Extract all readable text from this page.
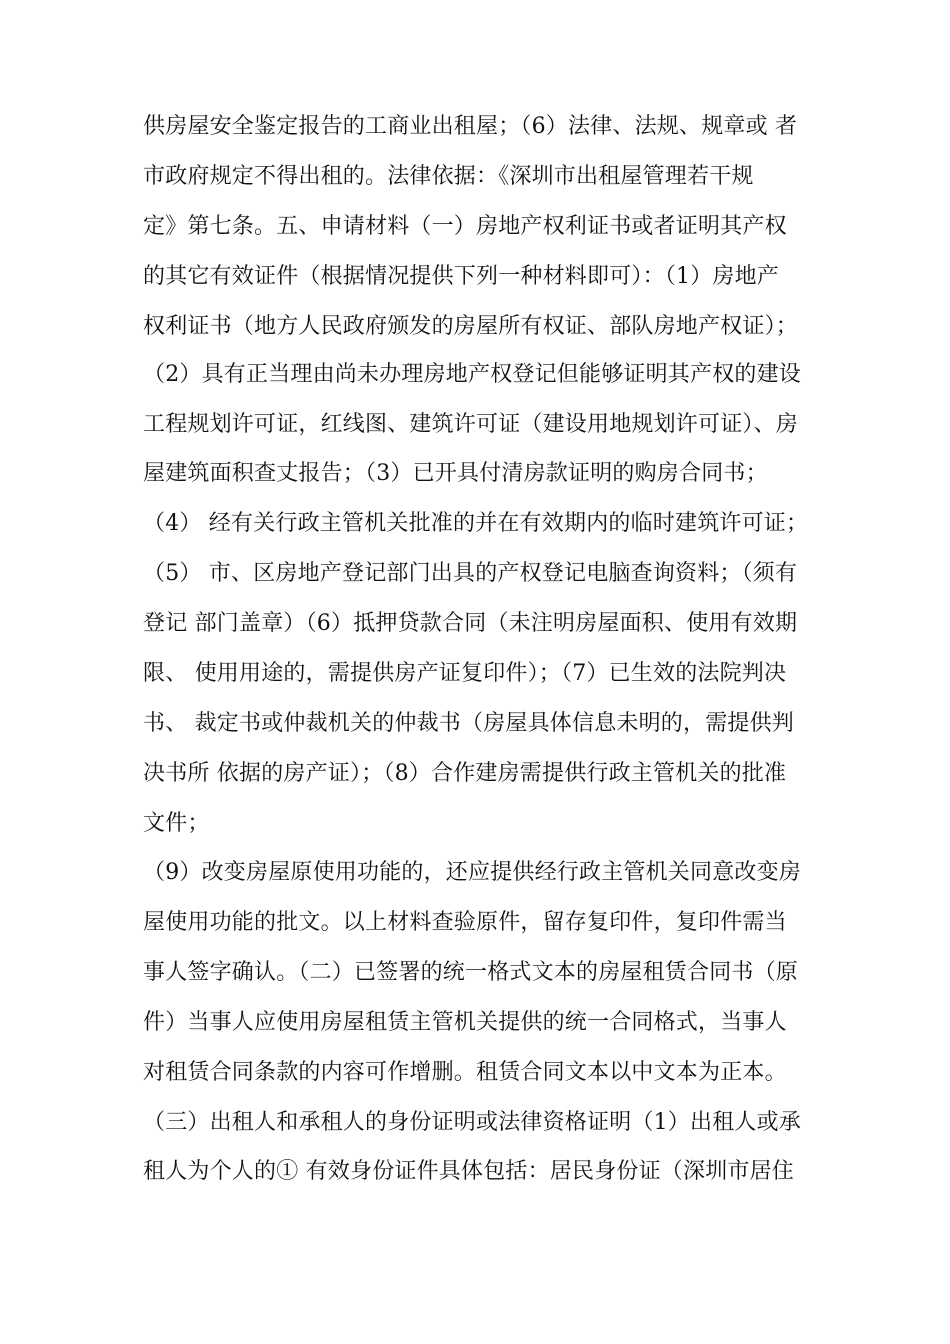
供房屋安全鉴定报告的工商业出租屋；（6）法律、法规、规章或 者
市政府规定不得出租的。法律依据：《深圳市出租屋管理若干规
定》第七条。五、申请材料（一）房地产权利证书或者证明其产权
的其它有效证件（根据情况提供下列一种材料即可）：（1）房地产
权利证书（地方人民政府颁发的房屋所有权证、部队房地产权证）；
（2）具有正当理由尚未办理房地产权登记但能够证明其产权的建设
工程规划许可证，红线图、建筑许可证（建设用地规划许可证）、房
屋建筑面积查丈报告；（3）已开具付清房款证明的购房合同书；
（4） 经有关行政主管机关批准的并在有效期内的临时建筑许可证；
（5） 市、区房地产登记部门出具的产权登记电脑查询资料；（须有
登记 部门盖章）（6）抵押贷款合同（未注明房屋面积、使用有效期
限、 使用用途的，需提供房产证复印件）；（7）已生效的法院判决
书、 裁定书或仲裁机关的仲裁书（房屋具体信息未明的，需提供判
决书所 依据的房产证）；（8）合作建房需提供行政主管机关的批准
文件；
（9）改变房屋原使用功能的，还应提供经行政主管机关同意改变房
屋使用功能的批文。以上材料查验原件，留存复印件，复印件需当
事人签字确认。（二）已签署的统一格式文本的房屋租赁合同书（原
件）当事人应使用房屋租赁主管机关提供的统一合同格式，当事人
对租赁合同条款的内容可作增删。租赁合同文本以中文本为正本。
（三）出租人和承租人的身份证明或法律资格证明（1）出租人或承
租人为个人的① 有效身份证件具体包括：居民身份证（深圳市居住
